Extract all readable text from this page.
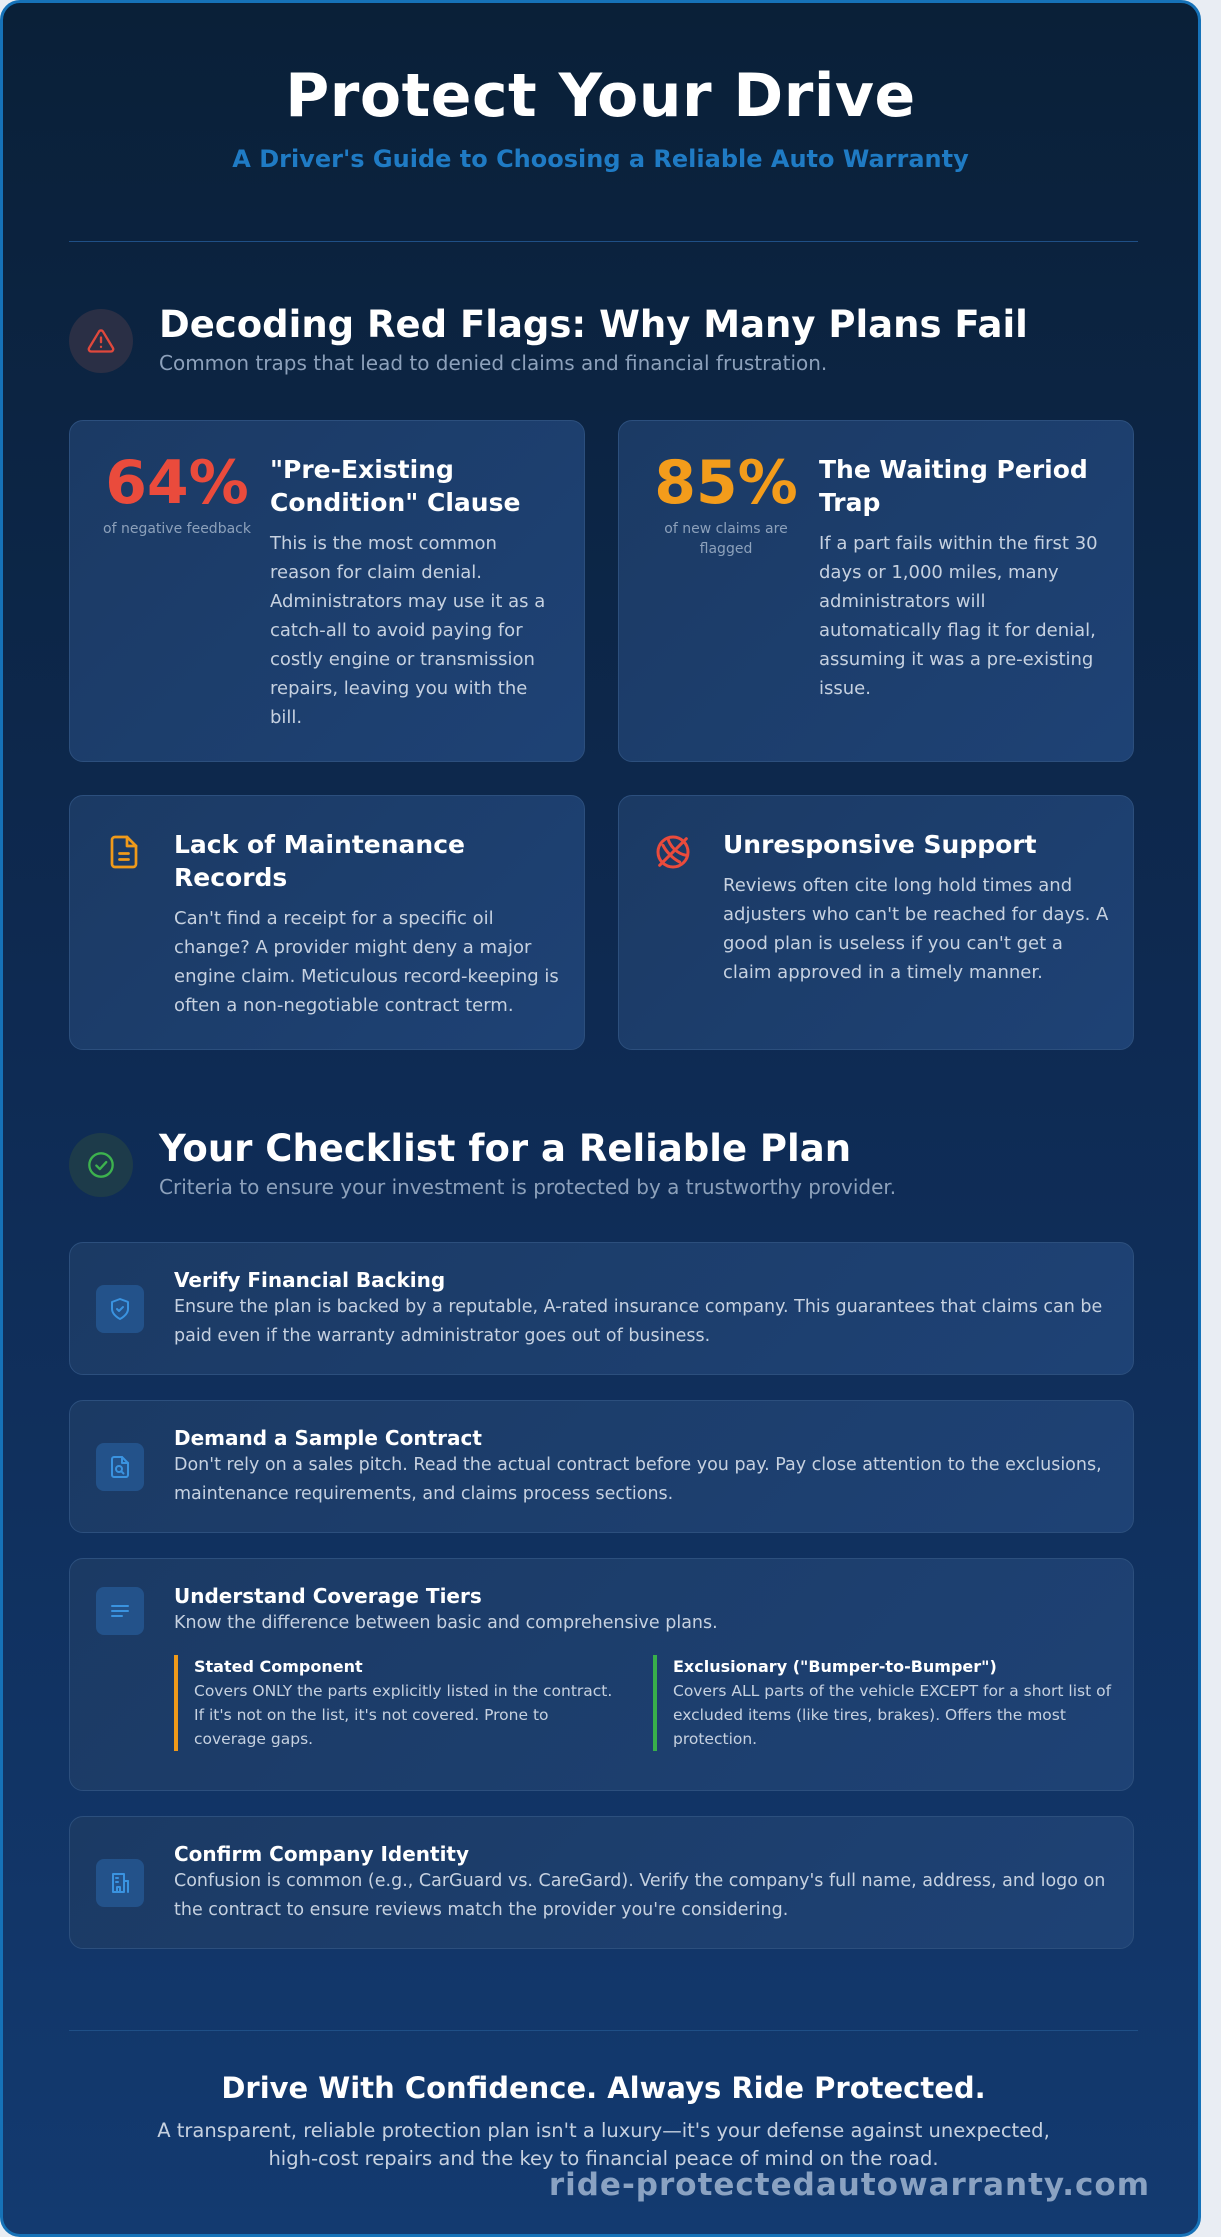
Protect Your Drive
A Driver's Guide to Choosing a Reliable Auto Warranty
Decoding Red Flags: Why Many Plans Fail
Common traps that lead to denied claims and financial frustration.
64%
of negative feedback
"Pre-Existing Condition" Clause

This is the most common reason for claim denial. Administrators may use it as a catch-all to avoid paying for costly engine or transmission repairs, leaving you with the bill.

85%
of new claims are flagged
The Waiting Period Trap

If a part fails within the first 30 days or 1,000 miles, many administrators will automatically flag it for denial, assuming it was a pre-existing issue.

Lack of Maintenance Records

Can't find a receipt for a specific oil change? A provider might deny a major engine claim. Meticulous record-keeping is often a non-negotiable contract term.

Unresponsive Support

Reviews often cite long hold times and adjusters who can't be reached for days. A good plan is useless if you can't get a claim approved in a timely manner.

Your Checklist for a Reliable Plan
Criteria to ensure your investment is protected by a trustworthy provider.
Verify Financial Backing

Ensure the plan is backed by a reputable, A-rated insurance company. This guarantees that claims can be paid even if the warranty administrator goes out of business.

Demand a Sample Contract

Don't rely on a sales pitch. Read the actual contract before you pay. Pay close attention to the exclusions, maintenance requirements, and claims process sections.

Understand Coverage Tiers

Know the difference between basic and comprehensive plans.

Stated Component

Covers ONLY the parts explicitly listed in the contract. If it's not on the list, it's not covered. Prone to coverage gaps.

Exclusionary ("Bumper-to-Bumper")

Covers ALL parts of the vehicle EXCEPT for a short list of excluded items (like tires, brakes). Offers the most protection.

Confirm Company Identity

Confusion is common (e.g., CarGuard vs. CareGard). Verify the company's full name, address, and logo on the contract to ensure reviews match the provider you're considering.

Drive With Confidence. Always Ride Protected.

A transparent, reliable protection plan isn't a luxury—it's your defense against unexpected, high-cost repairs and the key to financial peace of mind on the road.

ride-protectedautowarranty.com
